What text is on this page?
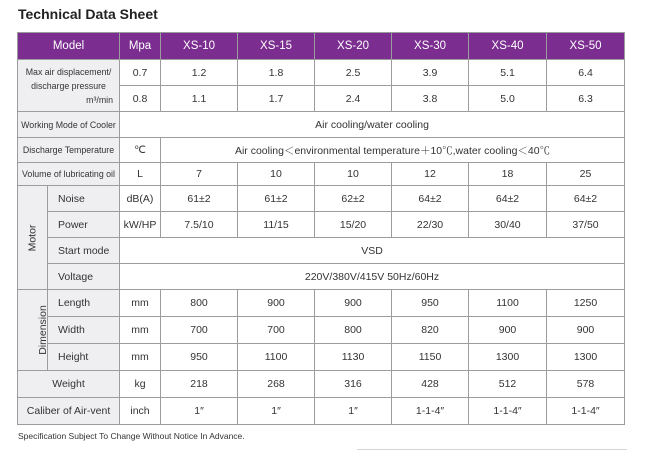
Technical Data Sheet
Model		Mpa	XS-10	XS-15	XS-20	XS-30	XS-40	XS-50

Max air displacement/
discharge pressure
m³/min		0.7	1.2	1.8	2.5	3.9	5.1	6.4
		0.8	1.1	1.7	2.4	3.8	5.0	6.3
Working Mode of Cooler		Air cooling/water cooling						
Discharge Temperature		℃	Air cooling＜environmental temperature＋10℃,water cooling＜40℃					
Volume of lubricating oil		L	7	10	10	12	18	25
Motor	Noise	dB(A)	61±2	61±2	62±2	64±2	64±2	64±2
	Power	kW/HP	7.5/10	11/15	15/20	22/30	30/40	37/50
	Start mode	VSD						
	Voltage	220V/380V/415V 50Hz/60Hz						
Dimension	Length	mm	800	900	900	950	1100	1250
	Width	mm	700	700	800	820	900	900
	Height	mm	950	1100	1130	1150	1300	1300
Weight		kg	218	268	316	428	512	578
Caliber of Air-vent		inch	1″	1″	1″	1-1-4″	1-1-4″	1-1-4″
Specification Subject To Change Without Notice In Advance.
